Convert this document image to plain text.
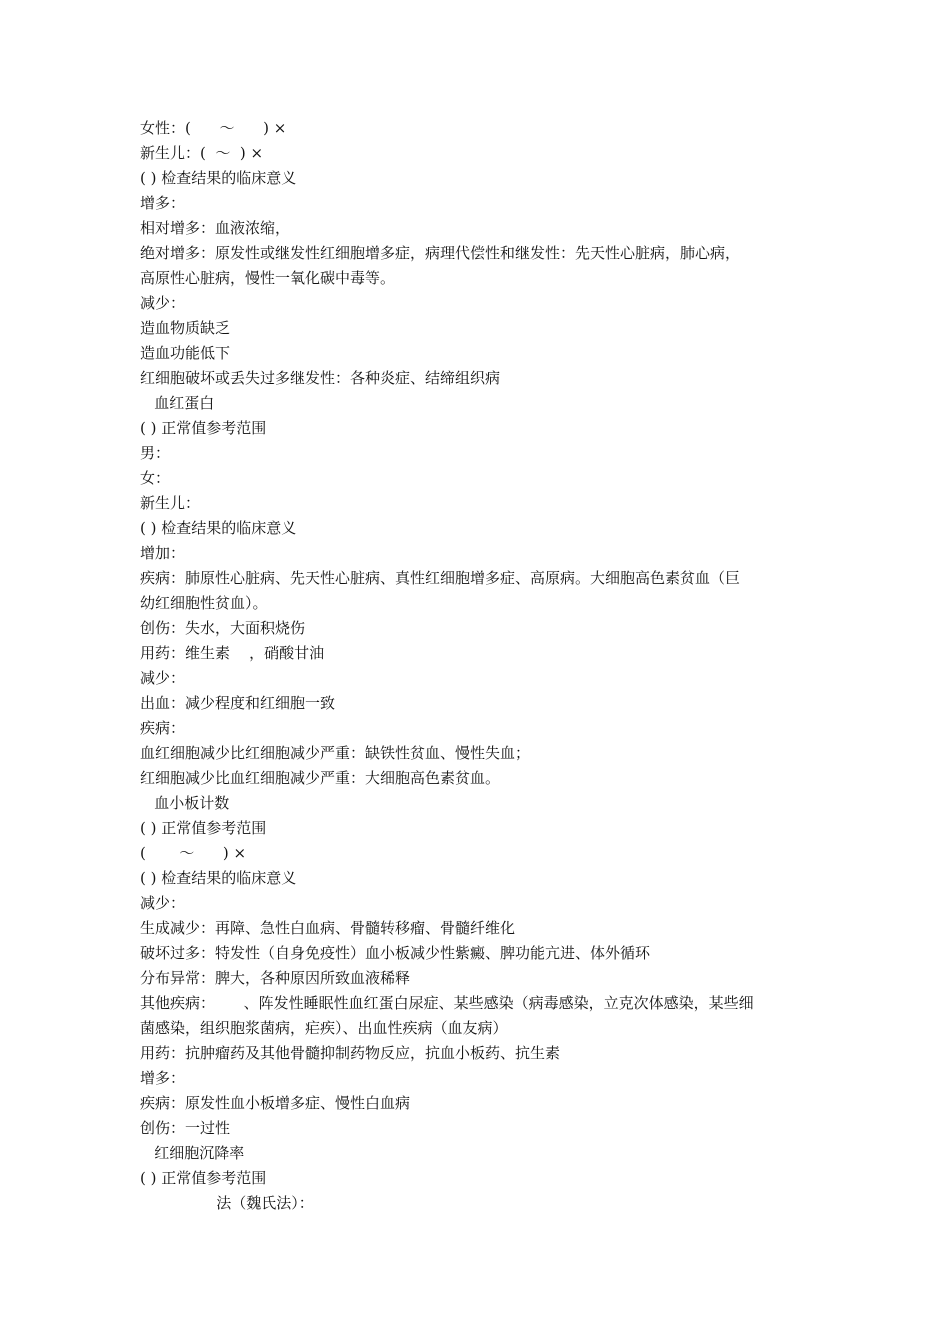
女性：(      ～      ) ×
新生儿：(  ～  ) ×
( ) 检查结果的临床意义
增多：
相对增多：血液浓缩，
绝对增多：原发性或继发性红细胞增多症，病理代偿性和继发性：先天性心脏病，肺心病，
高原性心脏病，慢性一氧化碳中毒等。
减少：
造血物质缺乏
造血功能低下
红细胞破坏或丢失过多继发性：各种炎症、结缔组织病
血红蛋白
( ) 正常值参考范围
男：
女：
新生儿：
( ) 检查结果的临床意义
增加：
疾病：肺原性心脏病、先天性心脏病、真性红细胞增多症、高原病。大细胞高色素贫血（巨
幼红细胞性贫血）。
创伤：失水，大面积烧伤
用药：维生素    ，硝酸甘油
减少：
出血：减少程度和红细胞一致
疾病：
血红细胞减少比红细胞减少严重：缺铁性贫血、慢性失血；
红细胞减少比血红细胞减少严重：大细胞高色素贫血。
血小板计数
( ) 正常值参考范围
(       ～      ) ×
( ) 检查结果的临床意义
减少：
生成减少：再障、急性白血病、骨髓转移瘤、骨髓纤维化
破坏过多：特发性（自身免疫性）血小板减少性紫癜、脾功能亢进、体外循环
分布异常：脾大，各种原因所致血液稀释
其他疾病：      、阵发性睡眠性血红蛋白尿症、某些感染（病毒感染，立克次体感染，某些细
菌感染，组织胞浆菌病，疟疾）、出血性疾病（血友病）
用药：抗肿瘤药及其他骨髓抑制药物反应，抗血小板药、抗生素
增多：
疾病：原发性血小板增多症、慢性白血病
创伤：一过性
红细胞沉降率
( ) 正常值参考范围
法（魏氏法）：
